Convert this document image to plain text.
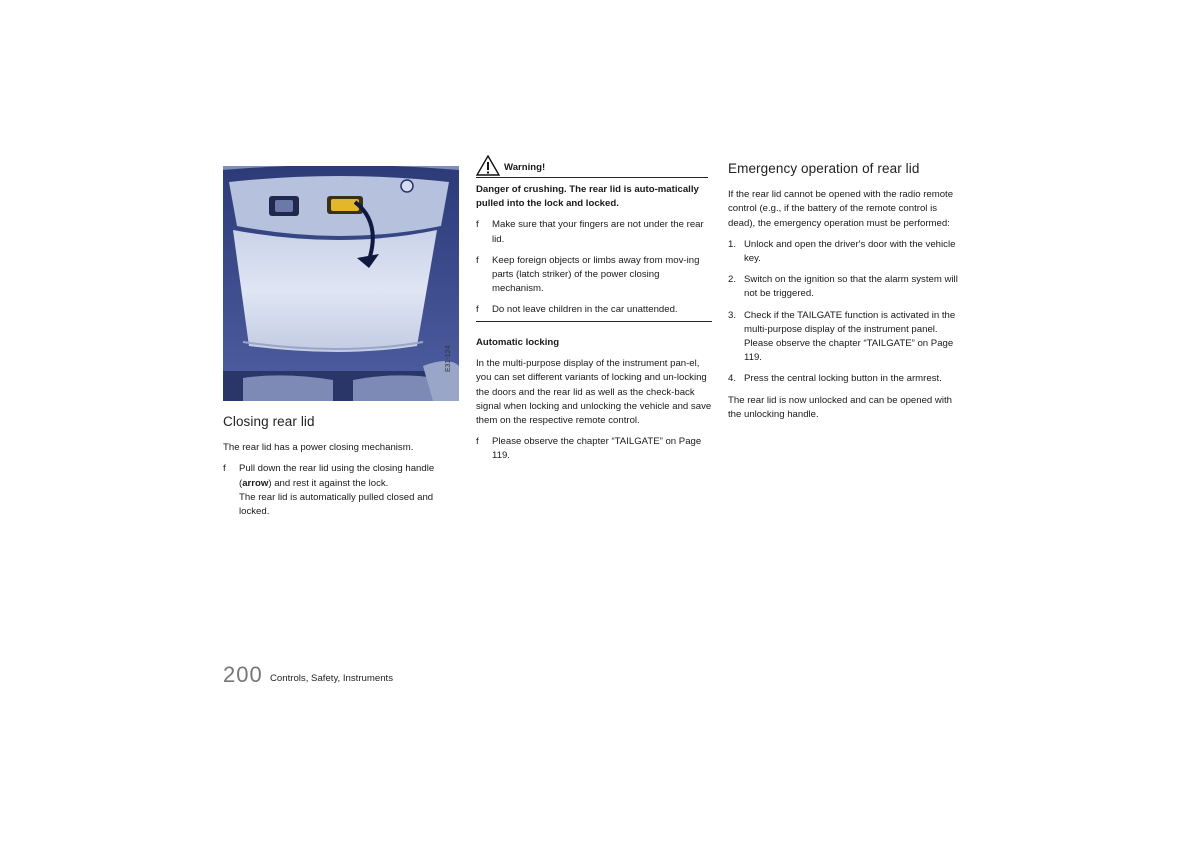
E31-124
Closing rear lid

The rear lid has a power closing mechanism.

f Pull down the rear lid using the closing handle (arrow) and rest it against the lock.
The rear lid is automatically pulled closed and locked.
Warning!

Danger of crushing. The rear lid is auto-matically pulled into the lock and locked.

f Make sure that your fingers are not under the rear lid.
f Keep foreign objects or limbs away from mov-ing parts (latch striker) of the power closing mechanism.
f Do not leave children in the car unattended.

Automatic locking

In the multi-purpose display of the instrument pan-el, you can set different variants of locking and un-locking the doors and the rear lid as well as the check-back signal when locking and unlocking the vehicle and save them on the respective remote control.

f Please observe the chapter “TAILGATE” on Page 119.
Emergency operation of rear lid

If the rear lid cannot be opened with the radio remote control (e.g., if the battery of the remote control is dead), the emergency operation must be performed:

1. Unlock and open the driver's door with the vehicle key.
2. Switch on the ignition so that the alarm system will not be triggered.
3. Check if the TAILGATE function is activated in the multi-purpose display of the instrument panel.
Please observe the chapter “TAILGATE” on Page 119.
4. Press the central locking button in the armrest.

The rear lid is now unlocked and can be opened with the unlocking handle.

200 Controls, Safety, Instruments
